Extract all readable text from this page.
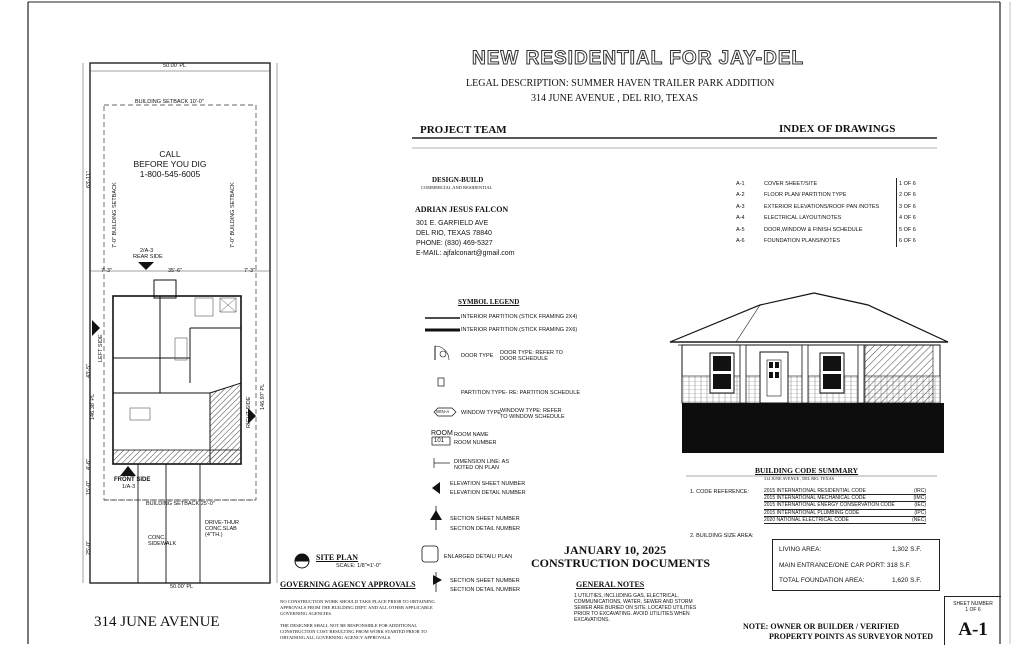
50.00' PL
BUILDING SETBACK 10'-0"
CALL
BEFORE YOU DIG
1-800-545-6005
7'-0" BUILDING SETBACK	7'-0" BUILDING SETBACK
2/A-3
REAR SIDE
35'-6"
7'-3"	7'-3"
63'-11"
43'-5"
LEFT SIDE
146.38' PL	146.97' PL
RIGHT SIDE
4'-6"
15'-0"
25'-0"
FRONT SIDE
1/A-3
BUILDING SETBACK 25'-0"
DRIVE-THUR CONC.SLAB (4"TH.)
CONC. SIDEWALK
50.00' PL
314 JUNE AVENUE
SITE PLAN
SCALE: 1/8"=1'-0"
NEW RESIDENTIAL FOR JAY-DEL
LEGAL DESCRIPTION: SUMMER HAVEN TRAILER PARK ADDITION
314 JUNE AVENUE , DEL RIO, TEXAS
PROJECT TEAM	INDEX OF DRAWINGS
DESIGN-BUILD
COMMERCIAL AND RESIDENTIAL
ADRIAN JESUS FALCON
301 E. GARFIELD AVE
DEL RIO, TEXAS 78840
PHONE: (830) 469-5327
E-MAIL: ajfalconart@gmail.com
A-1	COVER SHEET/SITE	1 OF 6
A-2	FLOOR PLAN/ PARTITION TYPE	2 OF 6
A-3	EXTERIOR ELEVATIONS/ROOF PAN /NOTES	3 OF 6
A-4	ELECTRICAL LAYOUT/NOTES	4 OF 6
A-5	DOOR,WINDOW & FINISH SCHEDULE	5 OF 6
A-6	FOUNDATION PLANS/NOTES	6 OF 6
SYMBOL LEGEND
INTERIOR PARTITION (STICK FRAMING 2X4)
INTERIOR PARTITION (STICK FRAMING 2X6)
DOOR TYPE DOOR TYPE: REFER TO DOOR SCHEDULE
PARTITION TYPE- RE: PARTITION SCHEDULE
WIN-A WINDOW TYPE WINDOW TYPE: REFER TO WINDOW SCHEDULE
ROOM
101
ROOM NAME
ROOM NUMBER
DIMENSION LINE: AS NOTED ON PLAN
ELEVATION SHEET NUMBER
ELEVATION DETAIL NUMBER
SECTION SHEET NUMBER
SECTION DETAIL NUMBER
ENLARGED DETAIL/ PLAN
SECTION SHEET NUMBER
SECTION DETAIL NUMBER
GOVERNING AGENCY APPROVALS
NO CONSTRUCTION WORK SHOULD TAKE PLACE PRIOR TO OBTAINING APPROVALS FROM THE BUILDING DEPT. AND ALL OTHER APPLICABLE GOVERNING AGENCIES.
THE DESIGNER SHALL NOT BE RESPONSIBLE FOR ADDITIONAL CONSTRUCTION COST RESULTING FROM WORK STARTED PRIOR TO OBTAINING ALL GOVERNING AGENCY APPROVALS.
JANUARY 10, 2025
CONSTRUCTION DOCUMENTS
GENERAL NOTES
1 UTILITIES, INCLUDING GAS, ELECTRICAL, COMMUNICATIONS, WATER, SEWER AND STORM SEWER ARE BURIED ON SITE. LOCATED UTILITIES PRIOR TO EXCAVATING. AVOID UTILITIES WHEN EXCAVATIONS.
BUILDING CODE SUMMARY
314 JUNE AVENUE , DEL RIO, TEXAS
1. CODE REFERENCE:	2015 INTERNATIONAL RESIDENTIAL CODE	(IRC)
2015 INTERNATIONAL MECHANICAL CODE	(IMC)
2015 INTERNATIONAL ENERGY CONSERVATION CODE	(IEC)
2015 INTERNATIONAL PLUMBING CODE	(IPC)
2020 NATIONAL ELECTRICAL CODE	(NEC)
2. BUILDING SIZE AREA:
LIVING AREA:	1,302 S.F.
MAIN ENTRANCE/ONE CAR PORT: 318 S.F.
TOTAL FOUNDATION AREA:	1,620 S.F.
NOTE: OWNER OR BUILDER / VERIFIED
PROPERTY POINTS AS SURVEYOR NOTED
SHEET NUMBER
1 OF 6
A-1
